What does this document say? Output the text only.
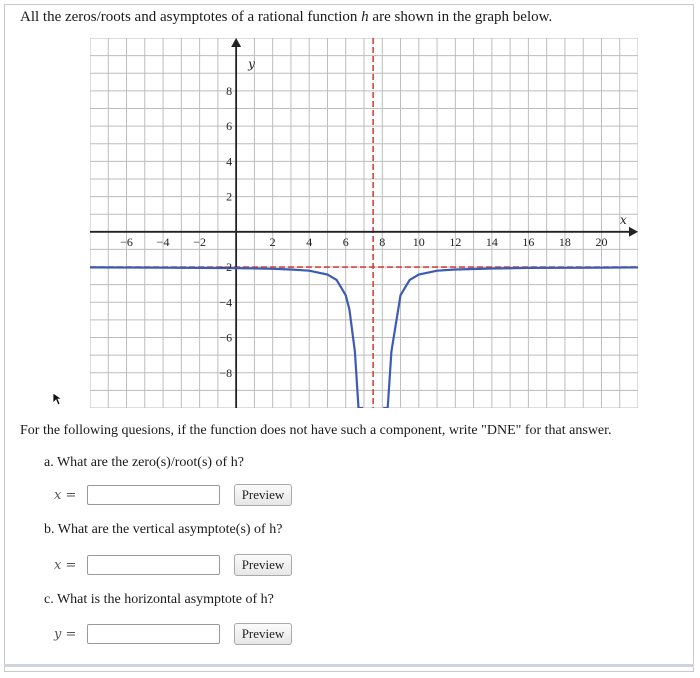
All the zeros/roots and asymptotes of a rational function h are shown in the graph below.
−6 −4 −2	2	4	6	8 10 12 14 16 18 20
8
6
4
2
−2
−4
−6
−8
x
y
For the following quesions, if the function does not have such a component, write "DNE" for that answer.
a. What are the zero(s)/root(s) of h?
x =	Preview
b. What are the vertical asymptote(s) of h?
x =	Preview
c. What is the horizontal asymptote of h?
y =	Preview
